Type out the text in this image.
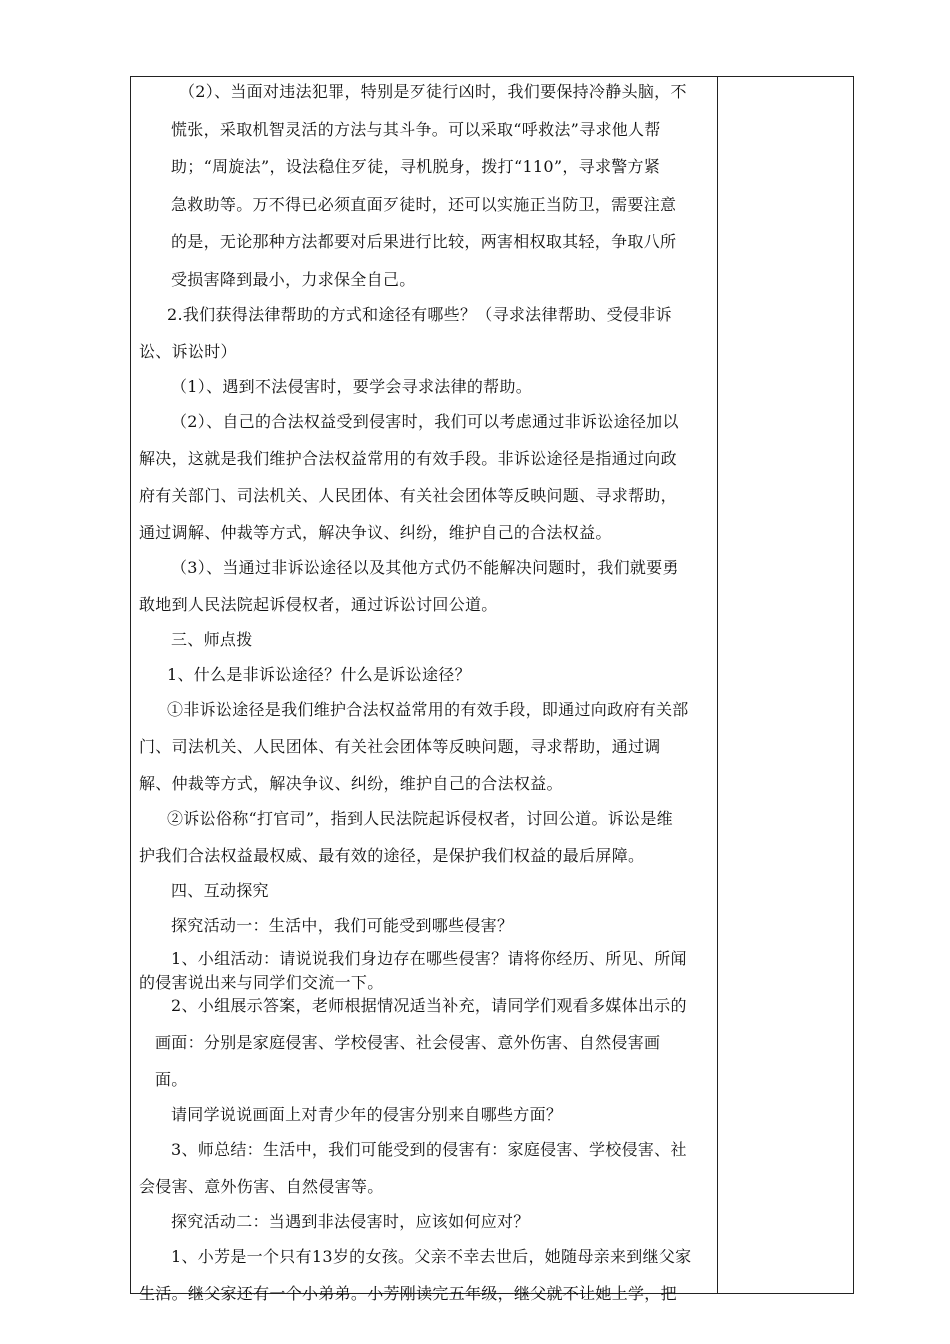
（2）、当面对违法犯罪，特别是歹徒行凶时，我们要保持冷静头脑，不
慌张，采取机智灵活的方法与其斗争。可以采取“呼救法”寻求他人帮
助；“周旋法”，设法稳住歹徒，寻机脱身，拨打“110”，寻求警方紧
急救助等。万不得已必须直面歹徒时，还可以实施正当防卫，需要注意
的是，无论那种方法都要对后果进行比较，两害相权取其轻，争取八所
受损害降到最小，力求保全自己。
2.我们获得法律帮助的方式和途径有哪些？（寻求法律帮助、受侵非诉
讼、诉讼时）
（1）、遇到不法侵害时，要学会寻求法律的帮助。
（2）、自己的合法权益受到侵害时，我们可以考虑通过非诉讼途径加以
解决，这就是我们维护合法权益常用的有效手段。非诉讼途径是指通过向政
府有关部门、司法机关、人民团体、有关社会团体等反映问题、寻求帮助，
通过调解、仲裁等方式，解决争议、纠纷，维护自己的合法权益。
（3）、当通过非诉讼途径以及其他方式仍不能解决问题时，我们就要勇
敢地到人民法院起诉侵权者，通过诉讼讨回公道。
三、师点拨
1、什么是非诉讼途径？什么是诉讼途径？
①非诉讼途径是我们维护合法权益常用的有效手段，即通过向政府有关部
门、司法机关、人民团体、有关社会团体等反映问题，寻求帮助，通过调
解、仲裁等方式，解决争议、纠纷，维护自己的合法权益。
②诉讼俗称“打官司”，指到人民法院起诉侵权者，讨回公道。诉讼是维
护我们合法权益最权威、最有效的途径，是保护我们权益的最后屏障。
四、互动探究
探究活动一：生活中，我们可能受到哪些侵害？
1、小组活动：请说说我们身边存在哪些侵害？请将你经历、所见、所闻
的侵害说出来与同学们交流一下。
2、小组展示答案，老师根据情况适当补充，请同学们观看多媒体出示的
画面：分别是家庭侵害、学校侵害、社会侵害、意外伤害、自然侵害画
面。
请同学说说画面上对青少年的侵害分别来自哪些方面？
3、师总结：生活中，我们可能受到的侵害有：家庭侵害、学校侵害、社
会侵害、意外伤害、自然侵害等。
探究活动二：当遇到非法侵害时，应该如何应对？
1、小芳是一个只有13岁的女孩。父亲不幸去世后，她随母亲来到继父家
生活。继父家还有一个小弟弟。小芳刚读完五年级，继父就不让她上学，把
